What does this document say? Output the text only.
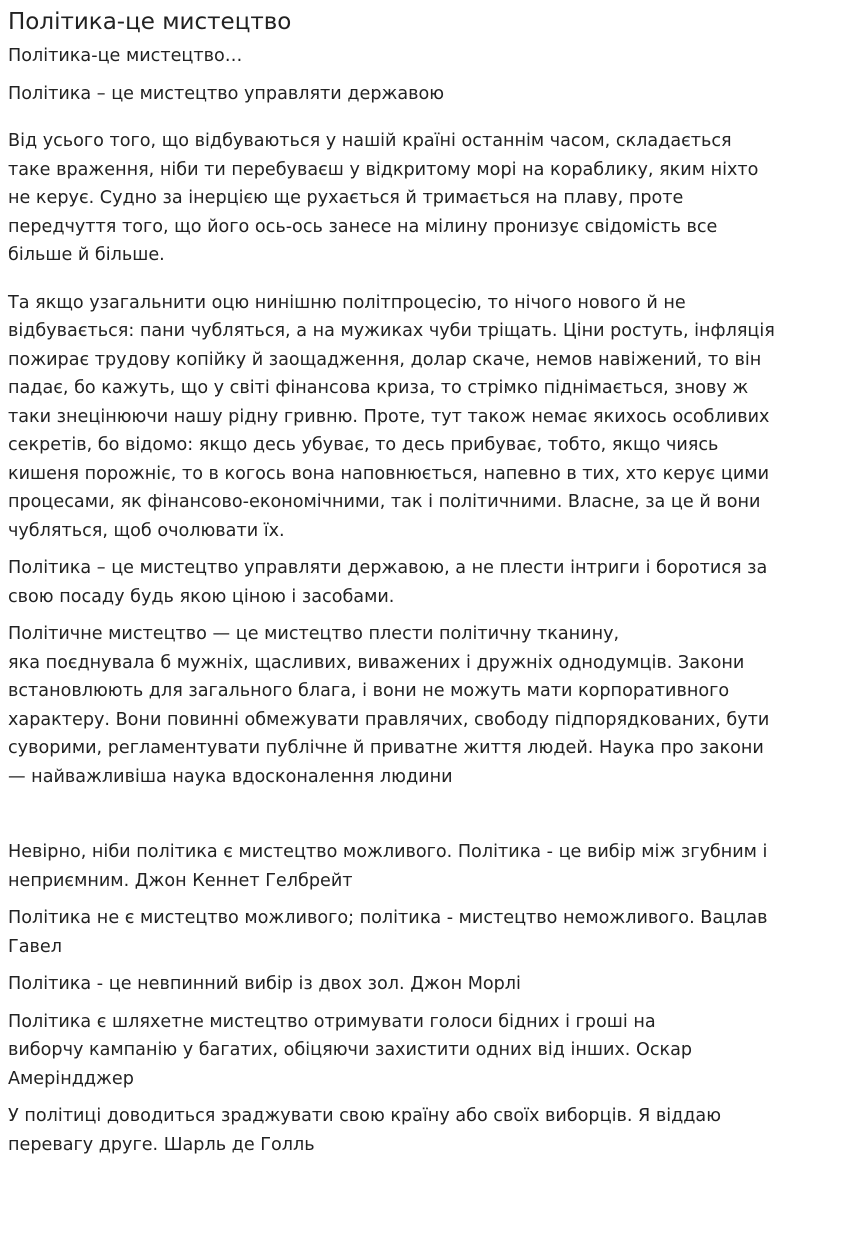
Політика-це мистецтво

Політика-це мистецтво…

Політика – це мистецтво управляти державою

Від усього того, що відбуваються у нашій країні останнім часом, складається
таке враження, ніби ти перебуваєш у відкритому морі на кораблику, яким ніхто
не керує. Судно за інерцією ще рухається й тримається на плаву, проте
передчуття того, що його ось-ось занесе на мілину пронизує свідомість все
більше й більше.

Та якщо узагальнити оцю нинішню політпроцесію, то нічого нового й не
відбувається: пани чубляться, а на мужиках чуби тріщать. Ціни ростуть, інфляція
пожирає трудову копійку й заощадження, долар скаче, немов навіжений, то він
падає, бо кажуть, що у світі фінансова криза, то стрімко піднімається, знову ж
таки знецінюючи нашу рідну гривню. Проте, тут також немає якихось особливих
секретів, бо відомо: якщо десь убуває, то десь прибуває, тобто, якщо чиясь
кишеня порожніє, то в когось вона наповнюється, напевно в тих, хто керує цими
процесами, як фінансово-економічними, так і політичними. Власне, за це й вони
чубляться, щоб очолювати їх.

Політика – це мистецтво управляти державою, а не плести інтриги і боротися за
свою посаду будь якою ціною і засобами.

Політичне мистецтво — це мистецтво плести політичну тканину,
яка поєднувала б мужніх, щасливих, виважених і дружніх однодумців. Закони
встановлюють для загального блага, і вони не можуть мати корпоративного
характеру. Вони повинні обмежувати правлячих, свободу підпорядкованих, бути
суворими, регламентувати публічне й приватне життя людей. Наука про закони
— найважливіша наука вдосконалення людини

Невірно, ніби політика є мистецтво можливого. Політика - це вибір між згубним і
неприємним. Джон Кеннет Гелбрейт

Політика не є мистецтво можливого; політика - мистецтво неможливого. Вацлав
Гавел

Політика - це невпинний вибір із двох зол. Джон Морлі

Політика є шляхетне мистецтво отримувати голоси бідних і гроші на
виборчу кампанію у багатих, обіцяючи захистити одних від інших. Оскар
Амеріндджер

У політиці доводиться зраджувати свою країну або своїх виборців. Я віддаю
перевагу друге. Шарль де Голль
